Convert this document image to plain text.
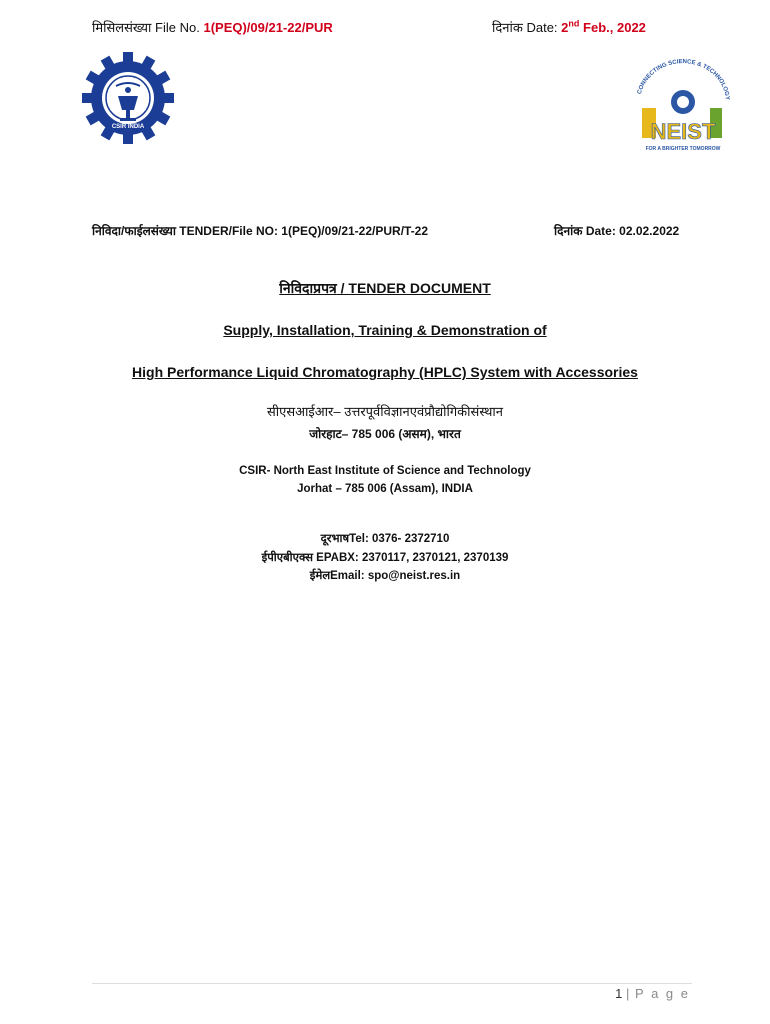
मिसिलसंख्या File No. 1(PEQ)/09/21-22/PUR	दिनांक Date: 2nd Feb., 2022
CSIR INDIA
CONNECTING SCIENCE & TECHNOLOGY
NEIST
FOR A BRIGHTER TOMORROW
निविदा/फाईलसंख्या TENDER/File NO: 1(PEQ)/09/21-22/PUR/T-22	दिनांक Date: 02.02.2022
निविदाप्रपत्र / TENDER DOCUMENT
Supply, Installation, Training & Demonstration of
High Performance Liquid Chromatography (HPLC) System with Accessories
सीएसआईआर– उत्तरपूर्वविज्ञानएवंप्रौद्योगिकीसंस्थान
जोरहाट– 785 006 (असम), भारत
CSIR- North East Institute of Science and Technology
Jorhat – 785 006 (Assam), INDIA
दूरभाषTel: 0376- 2372710
ईपीएबीएक्स EPABX: 2370117, 2370121, 2370139
ईमेलEmail: spo@neist.res.in
1 | P a g e
